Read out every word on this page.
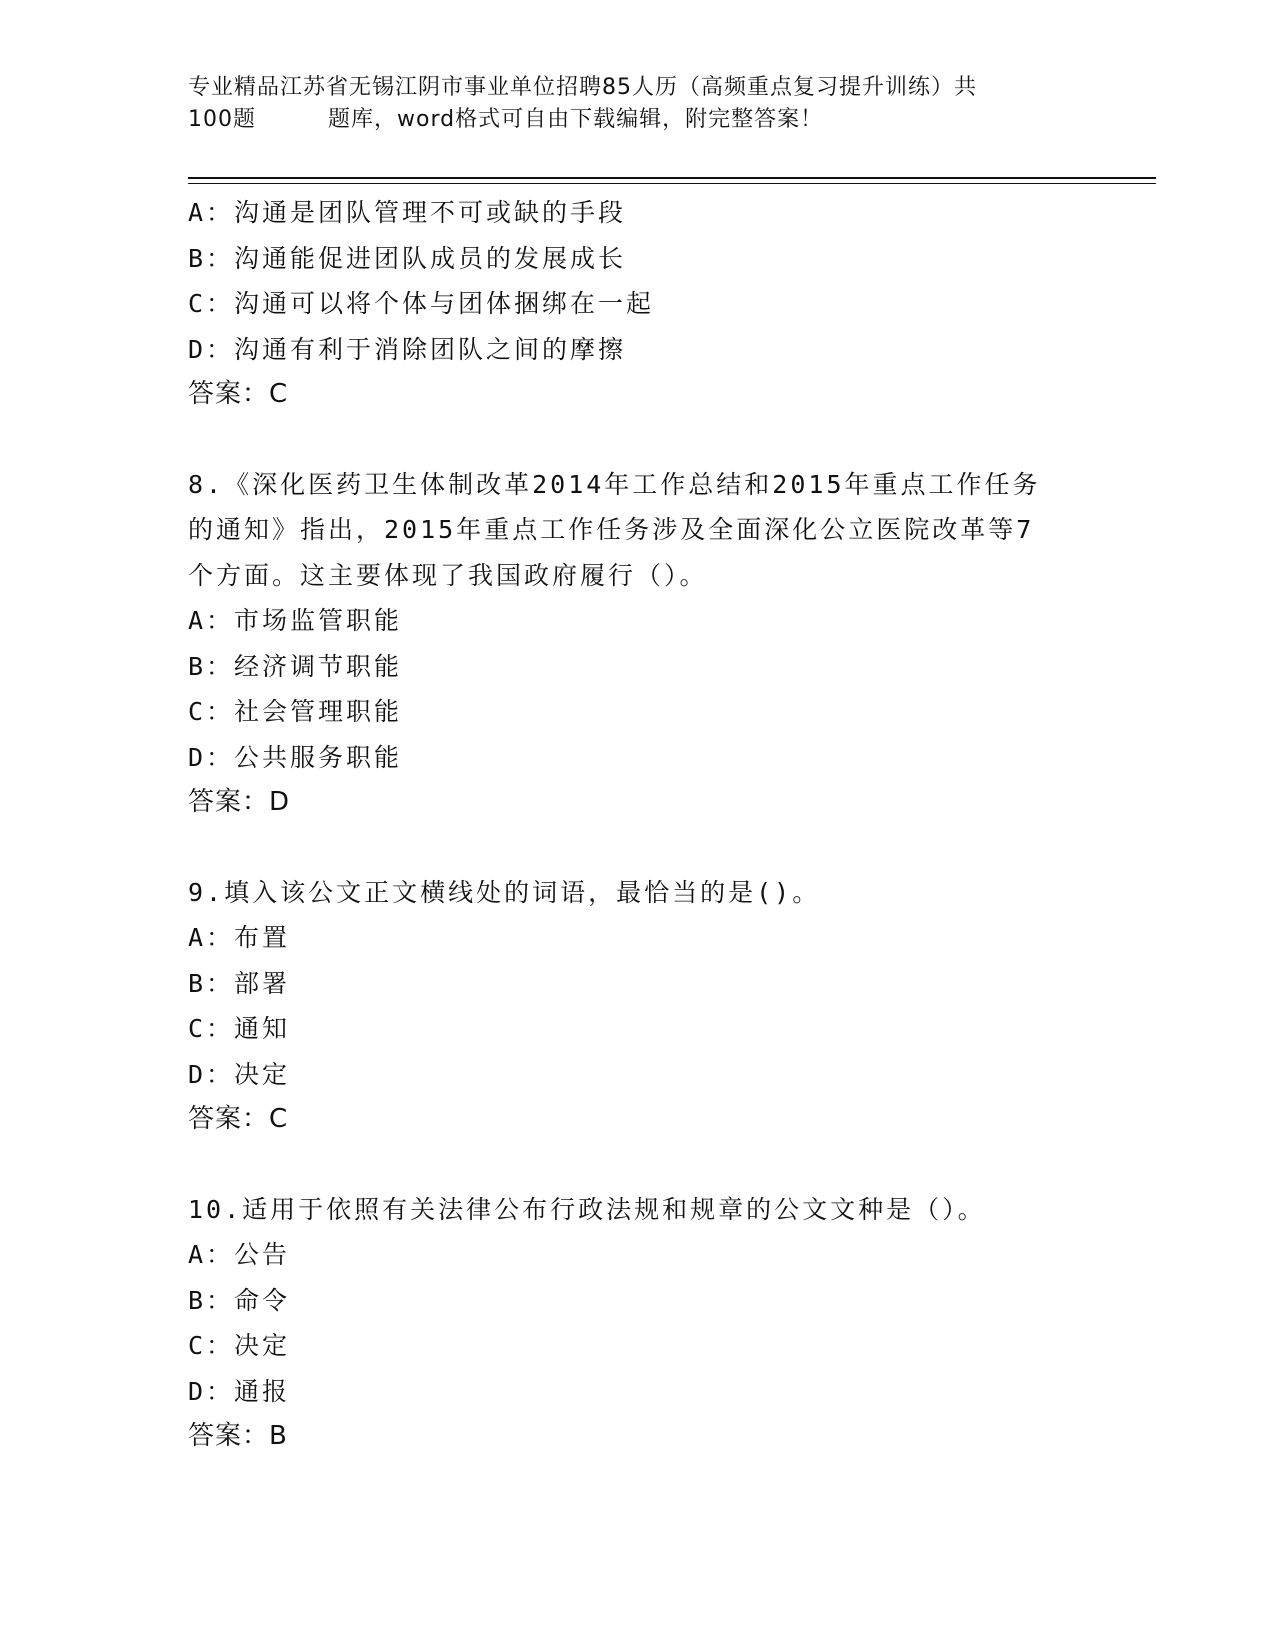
专业精品江苏省无锡江阴市事业单位招聘85人历（高频重点复习提升训练）共
100题	题库，word格式可自由下载编辑，附完整答案！
A：沟通是团队管理不可或缺的手段
B：沟通能促进团队成员的发展成长
C：沟通可以将个体与团体捆绑在一起
D：沟通有利于消除团队之间的摩擦
答案：C
8.《深化医药卫生体制改革2014年工作总结和2015年重点工作任务
的通知》指出，2015年重点工作任务涉及全面深化公立医院改革等7
个方面。这主要体现了我国政府履行（）。
A：市场监管职能
B：经济调节职能
C：社会管理职能
D：公共服务职能
答案：D
9.填入该公文正文横线处的词语，最恰当的是()。
A：布置
B：部署
C：通知
D：决定
答案：C
10.适用于依照有关法律公布行政法规和规章的公文文种是（）。
A：公告
B：命令
C：决定
D：通报
答案：B
